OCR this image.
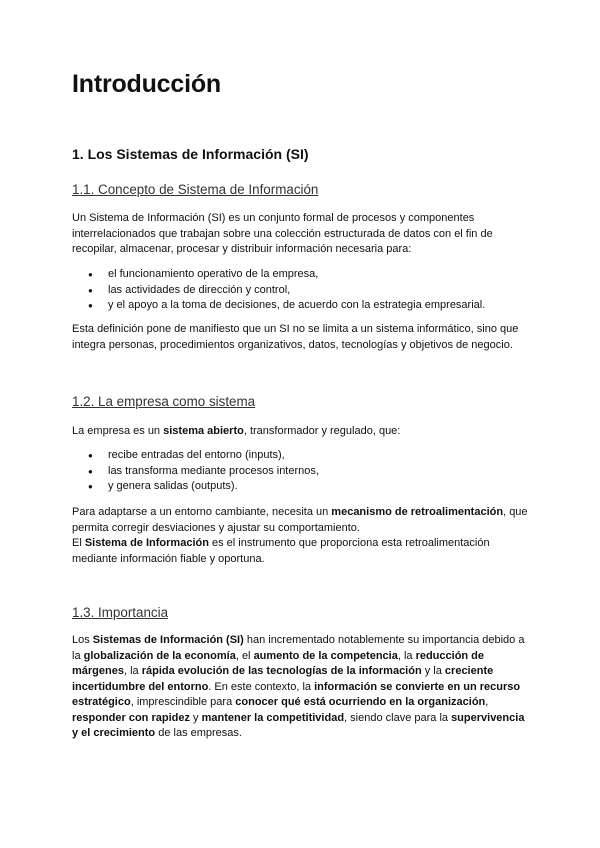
Introducción
1. Los Sistemas de Información (SI)
1.1. Concepto de Sistema de Información

Un Sistema de Información (SI) es un conjunto formal de procesos y componentes interrelacionados que trabajan sobre una colección estructurada de datos con el fin de recopilar, almacenar, procesar y distribuir información necesaria para:

● el funcionamiento operativo de la empresa,
● las actividades de dirección y control,
● y el apoyo a la toma de decisiones, de acuerdo con la estrategia empresarial.

Esta definición pone de manifiesto que un SI no se limita a un sistema informático, sino que integra personas, procedimientos organizativos, datos, tecnologías y objetivos de negocio.

1.2. La empresa como sistema

La empresa es un sistema abierto, transformador y regulado, que:

● recibe entradas del entorno (inputs),
● las transforma mediante procesos internos,
● y genera salidas (outputs).

Para adaptarse a un entorno cambiante, necesita un mecanismo de retroalimentación, que permita corregir desviaciones y ajustar su comportamiento.
El Sistema de Información es el instrumento que proporciona esta retroalimentación mediante información fiable y oportuna.

1.3. Importancia

Los Sistemas de Información (SI) han incrementado notablemente su importancia debido a la globalización de la economía, el aumento de la competencia, la reducción de márgenes, la rápida evolución de las tecnologías de la información y la creciente incertidumbre del entorno. En este contexto, la información se convierte en un recurso estratégico, imprescindible para conocer qué está ocurriendo en la organización, responder con rapidez y mantener la competitividad, siendo clave para la supervivencia y el crecimiento de las empresas.
